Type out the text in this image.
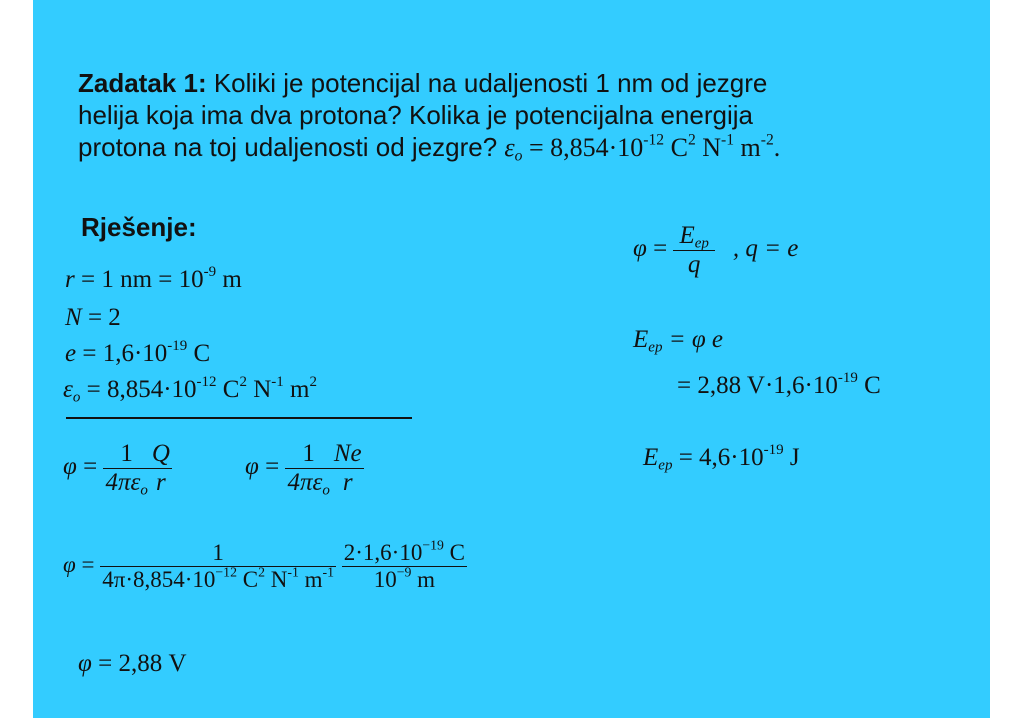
Zadatak 1: Koliki je potencijal na udaljenosti 1 nm od jezgre
helija koja ima dva protona? Kolika je potencijalna energija
protona na toj udaljenosti od jezgre? $\varepsilon_o = 8,854\cdot 10^{-12}$ $C^2$ $N^{-1}$ $m^{-2}$.
Rješenje:
r = 1 nm = $10^{-9}$ m
N = 2
$e = 1,6\cdot 10^{-19}$ C
$\varepsilon_o = 8,854\cdot 10^{-12}$ $C^2$ $N^{-1}$ $m^2$
$\varphi = \frac{1}{4\pi\varepsilon_o} \frac{Q}{r}$	$\varphi = \frac{1}{4\pi\varepsilon_o} \frac{Ne}{r}$
$\varphi = \frac{1}{4\pi\cdot 8,854\cdot 10^{-12} C^2 N^{-1} m^{-1}}$
$\frac{2\cdot 1,6\cdot 10^{-19} C}{10^{-9} m}$
φ = 2,88 V
$\varphi = \frac{E_{ep}}{q}$ , q = e
$E_{ep} = \varphi$ e
= 2,88 $V\cdot 1,6\cdot 10^{-19}$ C
$E_{ep} = 4,6\cdot 10^{-19}$ J
